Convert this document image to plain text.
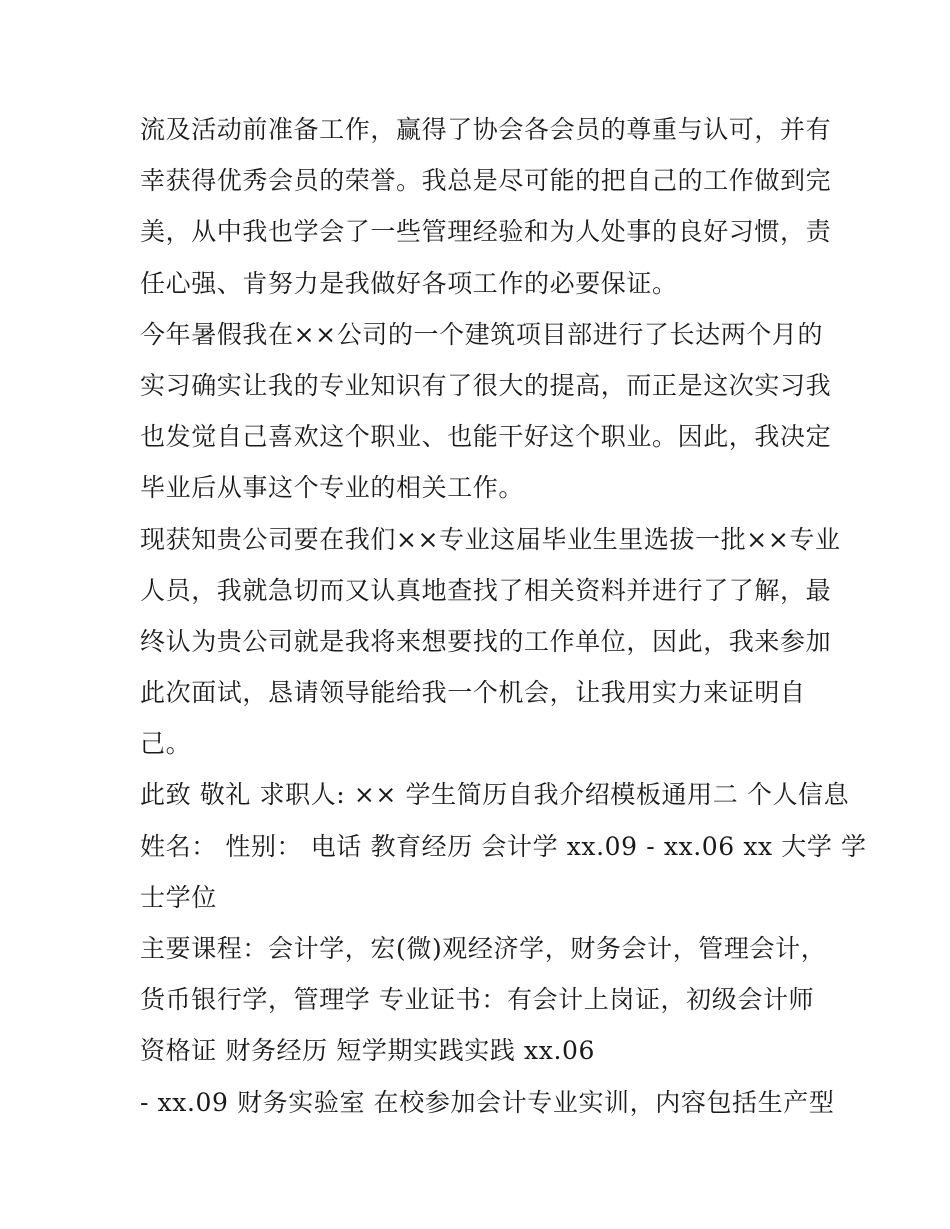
流及活动前准备工作，赢得了协会各会员的尊重与认可，并有
幸获得优秀会员的荣誉。我总是尽可能的把自己的工作做到完
美，从中我也学会了一些管理经验和为人处事的良好习惯，责
任心强、肯努力是我做好各项工作的必要保证。
今年暑假我在××公司的一个建筑项目部进行了长达两个月的
实习确实让我的专业知识有了很大的提高，而正是这次实习我
也发觉自己喜欢这个职业、也能干好这个职业。因此，我决定
毕业后从事这个专业的相关工作。
现获知贵公司要在我们××专业这届毕业生里选拔一批××专业
人员，我就急切而又认真地查找了相关资料并进行了了解，最
终认为贵公司就是我将来想要找的工作单位，因此，我来参加
此次面试，恳请领导能给我一个机会，让我用实力来证明自
己。
此致 敬礼 求职人: ×× 学生简历自我介绍模板通用二 个人信息
姓名： 性别： 电话 教育经历 会计学 xx.09 - xx.06 xx 大学 学
士学位
主要课程：会计学，宏(微)观经济学，财务会计，管理会计，
货币银行学，管理学 专业证书：有会计上岗证，初级会计师
资格证 财务经历 短学期实践实践 xx.06
- xx.09 财务实验室 在校参加会计专业实训，内容包括生产型
